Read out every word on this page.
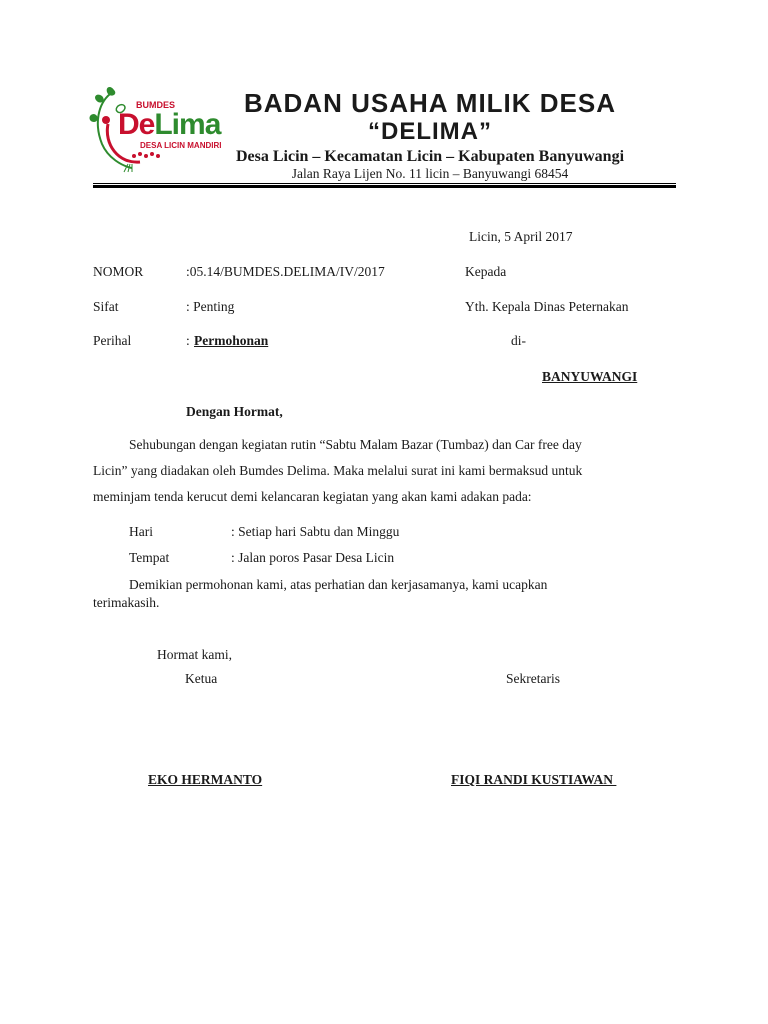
BUMDES
DeLima
DESA LICIN MANDIRI
BADAN USAHA MILIK DESA
“DELIMA”
Desa Licin – Kecamatan Licin – Kabupaten Banyuwangi
Jalan Raya Lijen No. 11 licin – Banyuwangi 68454
Licin, 5 April 2017
NOMOR	:05.14/BUMDES.DELIMA/IV/2017	Kepada
Sifat	: Penting	Yth. Kepala Dinas Peternakan
Perihal	: Permohonan	di-
BANYUWANGI
Dengan Hormat,
Sehubungan dengan kegiatan rutin “Sabtu Malam Bazar (Tumbaz) dan Car free day
Licin” yang diadakan oleh Bumdes Delima. Maka melalui surat ini kami bermaksud untuk
meminjam tenda kerucut demi kelancaran kegiatan yang akan kami adakan pada:
Hari	: Setiap hari Sabtu dan Minggu
Tempat	: Jalan poros Pasar Desa Licin
Demikian permohonan kami, atas perhatian dan kerjasamanya, kami ucapkan
terimakasih.
Hormat kami,
Ketua	Sekretaris
EKO HERMANTO	FIQI RANDI KUSTIAWAN
